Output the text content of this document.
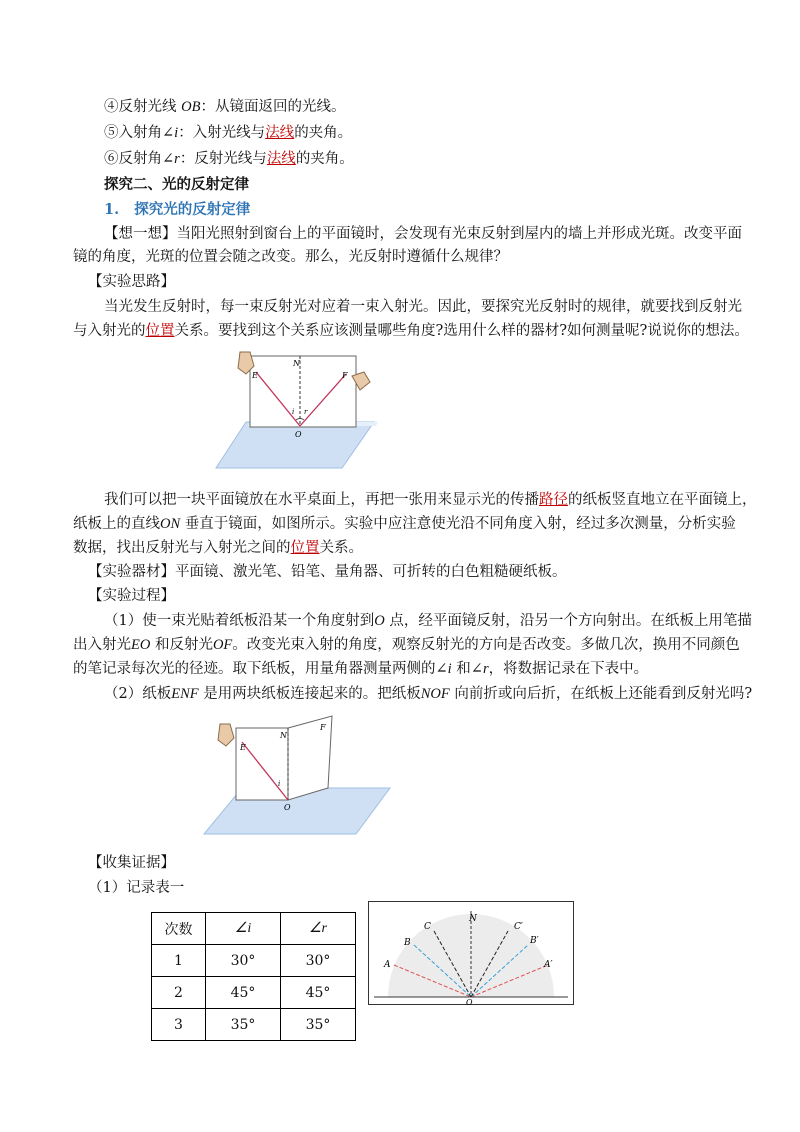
④反射光线 OB：从镜面返回的光线。
⑤入射角∠i：入射光线与法线的夹角。
⑥反射角∠r：反射光线与法线的夹角。
探究二、光的反射定律
1. 探究光的反射定律
【想一想】当阳光照射到窗台上的平面镜时，会发现有光束反射到屋内的墙上并形成光斑。改变平面
镜的角度，光斑的位置会随之改变。那么，光反射时遵循什么规律？
【实验思路】
当光发生反射时，每一束反射光对应着一束入射光。因此，要探究光反射时的规律，就要找到反射光
与入射光的位置关系。要找到这个关系应该测量哪些角度?选用什么样的器材?如何测量呢?说说你的想法。
N
E	F
i r
O
我们可以把一块平面镜放在水平桌面上，再把一张用来显示光的传播路径的纸板竖直地立在平面镜上，
纸板上的直线ON 垂直于镜面，如图所示。实验中应注意使光沿不同角度入射，经过多次测量，分析实验
数据，找出反射光与入射光之间的位置关系。
【实验器材】平面镜、激光笔、铅笔、量角器、可折转的白色粗糙硬纸板。
【实验过程】
（1）使一束光贴着纸板沿某一个角度射到O 点，经平面镜反射，沿另一个方向射出。在纸板上用笔描
出入射光EO 和反射光OF。改变光束入射的角度，观察反射光的方向是否改变。多做几次，换用不同颜色
的笔记录每次光的径迹。取下纸板，用量角器测量两侧的∠i 和∠r，将数据记录在下表中。
（2）纸板ENF 是用两块纸板连接起来的。把纸板NOF 向前折或向后折，在纸板上还能看到反射光吗?
N
E
F
i
O
【收集证据】
（1）记录表一
次数	∠i	∠r
1	30°	30°
2	45°	45°
3	35°	35°
N
A
B
C
A′
B′
C′
O
